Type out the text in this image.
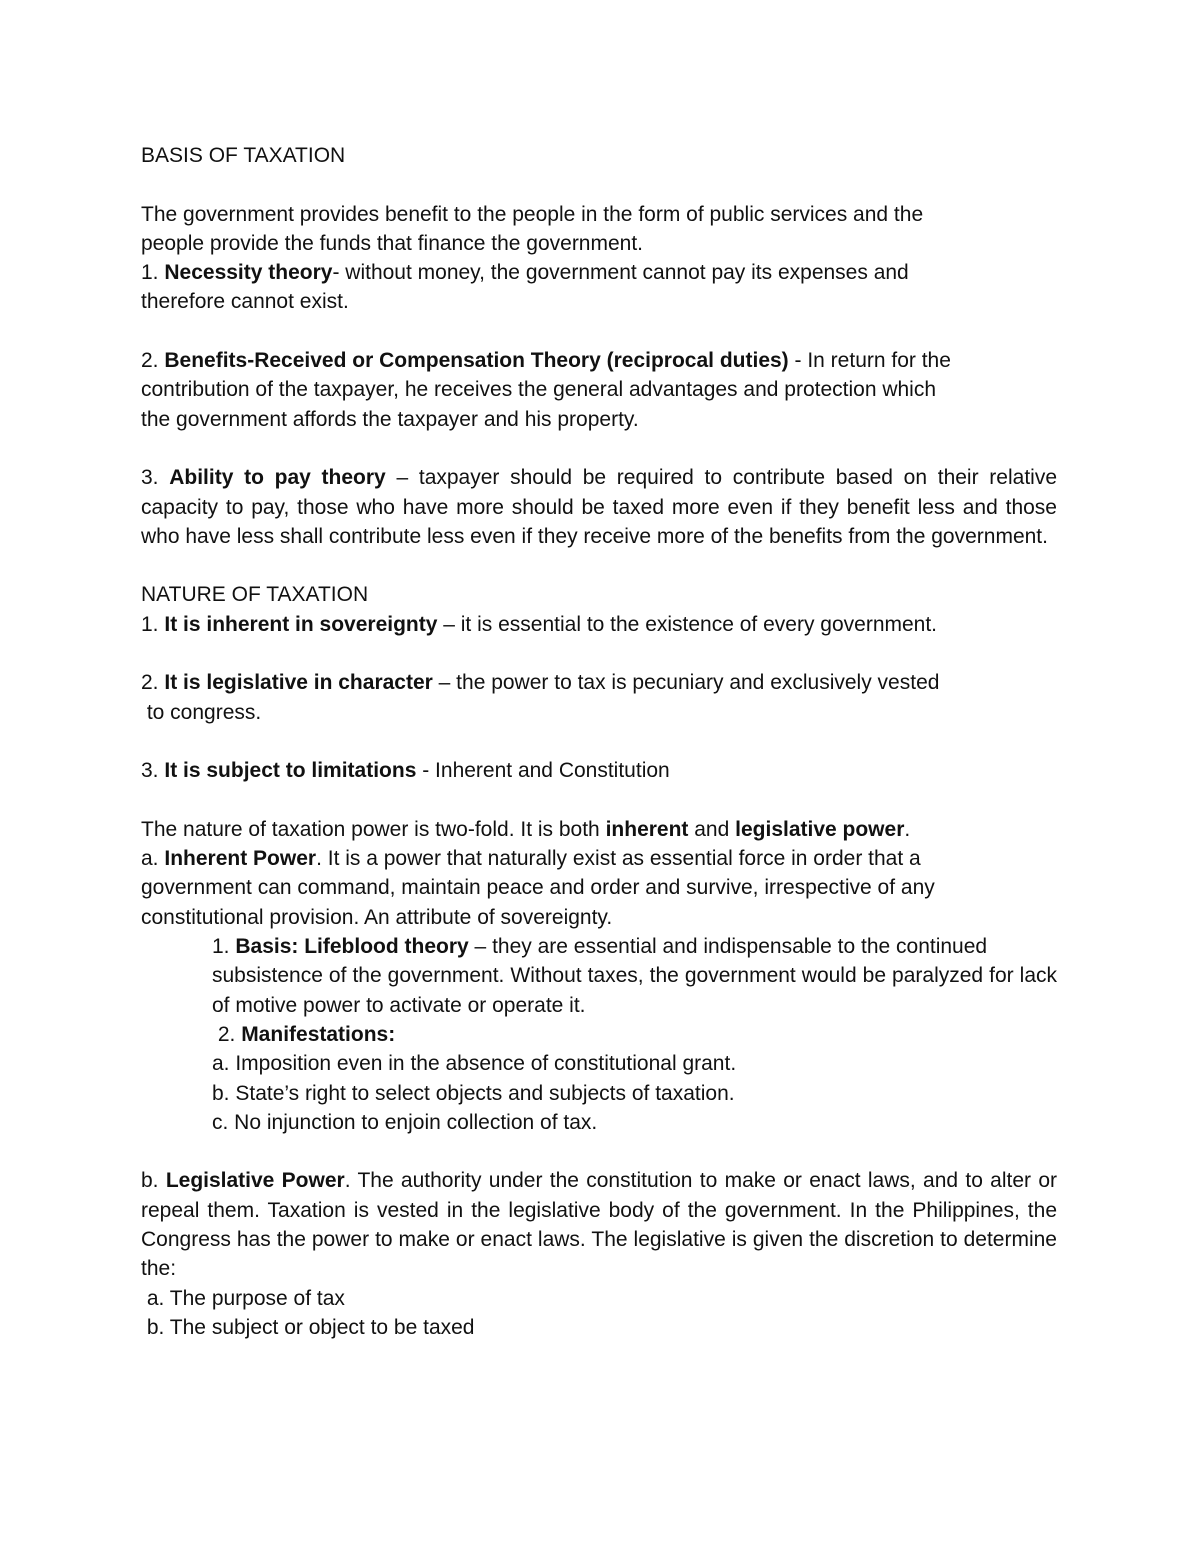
BASIS OF TAXATION

The government provides benefit to the people in the form of public services and the
people provide the funds that finance the government.

1. Necessity theory- without money, the government cannot pay its expenses and
therefore cannot exist.

2. Benefits-Received or Compensation Theory (reciprocal duties) - In return for the
contribution of the taxpayer, he receives the general advantages and protection which
the government affords the taxpayer and his property.

3. Ability to pay theory – taxpayer should be required to contribute based on their relative capacity to pay, those who have more should be taxed more even if they benefit less and those who have less shall contribute less even if they receive more of the benefits from the government.

NATURE OF TAXATION

1. It is inherent in sovereignty – it is essential to the existence of every government.

2. It is legislative in character – the power to tax is pecuniary and exclusively vested
to congress.

3. It is subject to limitations - Inherent and Constitution

The nature of taxation power is two-fold. It is both inherent and legislative power.

a. Inherent Power. It is a power that naturally exist as essential force in order that a
government can command, maintain peace and order and survive, irrespective of any
constitutional provision. An attribute of sovereignty.

1. Basis: Lifeblood theory – they are essential and indispensable to the continued

subsistence of the government. Without taxes, the government would be paralyzed for lack of motive power to activate or operate it.

2. Manifestations:

a. Imposition even in the absence of constitutional grant.

b. State’s right to select objects and subjects of taxation.

c. No injunction to enjoin collection of tax.

b. Legislative Power. The authority under the constitution to make or enact laws, and to alter or repeal them. Taxation is vested in the legislative body of the government. In the Philippines, the Congress has the power to make or enact laws. The legislative is given the discretion to determine the:

a. The purpose of tax

b. The subject or object to be taxed
